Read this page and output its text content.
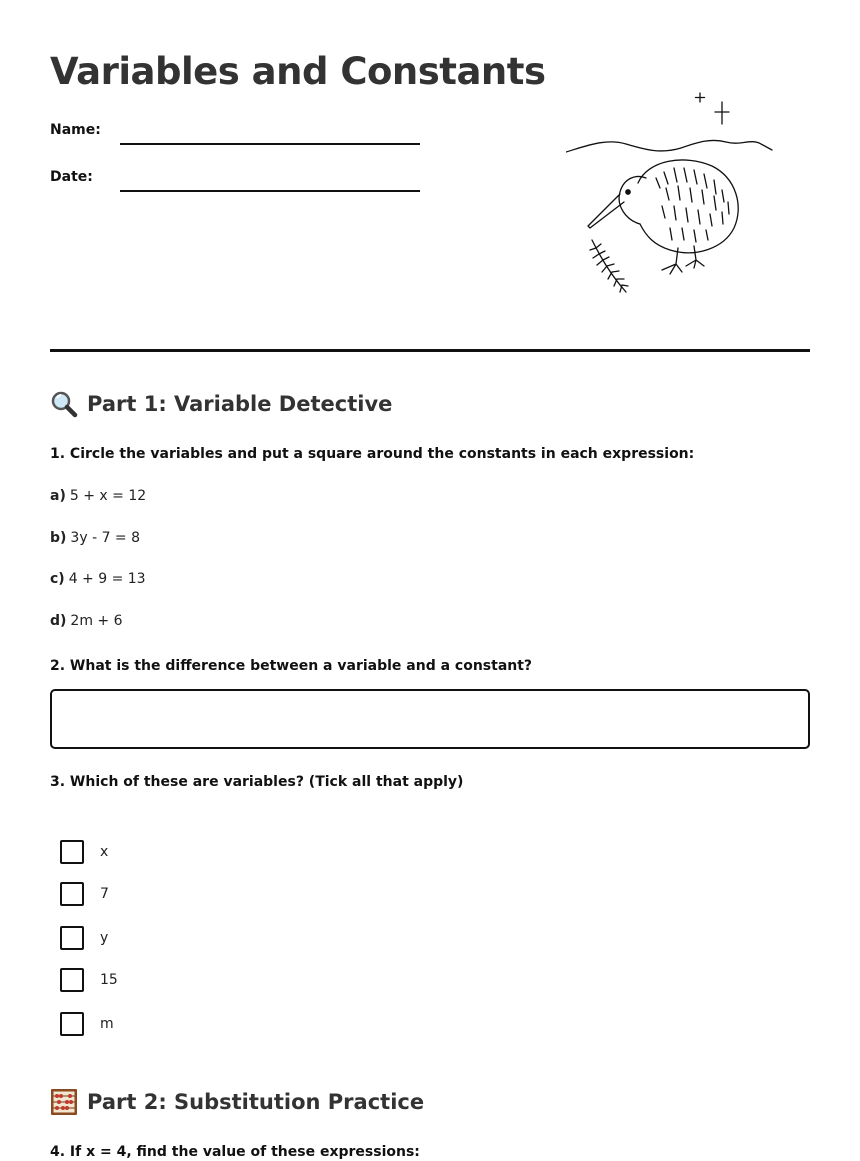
Variables and Constants
Name:
Date:
Part 1: Variable Detective
1. Circle the variables and put a square around the constants in each expression:
a) 5 + x = 12
b) 3y - 7 = 8
c) 4 + 9 = 13
d) 2m + 6
2. What is the difference between a variable and a constant?
3. Which of these are variables? (Tick all that apply)
x
7
y
15
m
Part 2: Substitution Practice
4. If x = 4, find the value of these expressions:
